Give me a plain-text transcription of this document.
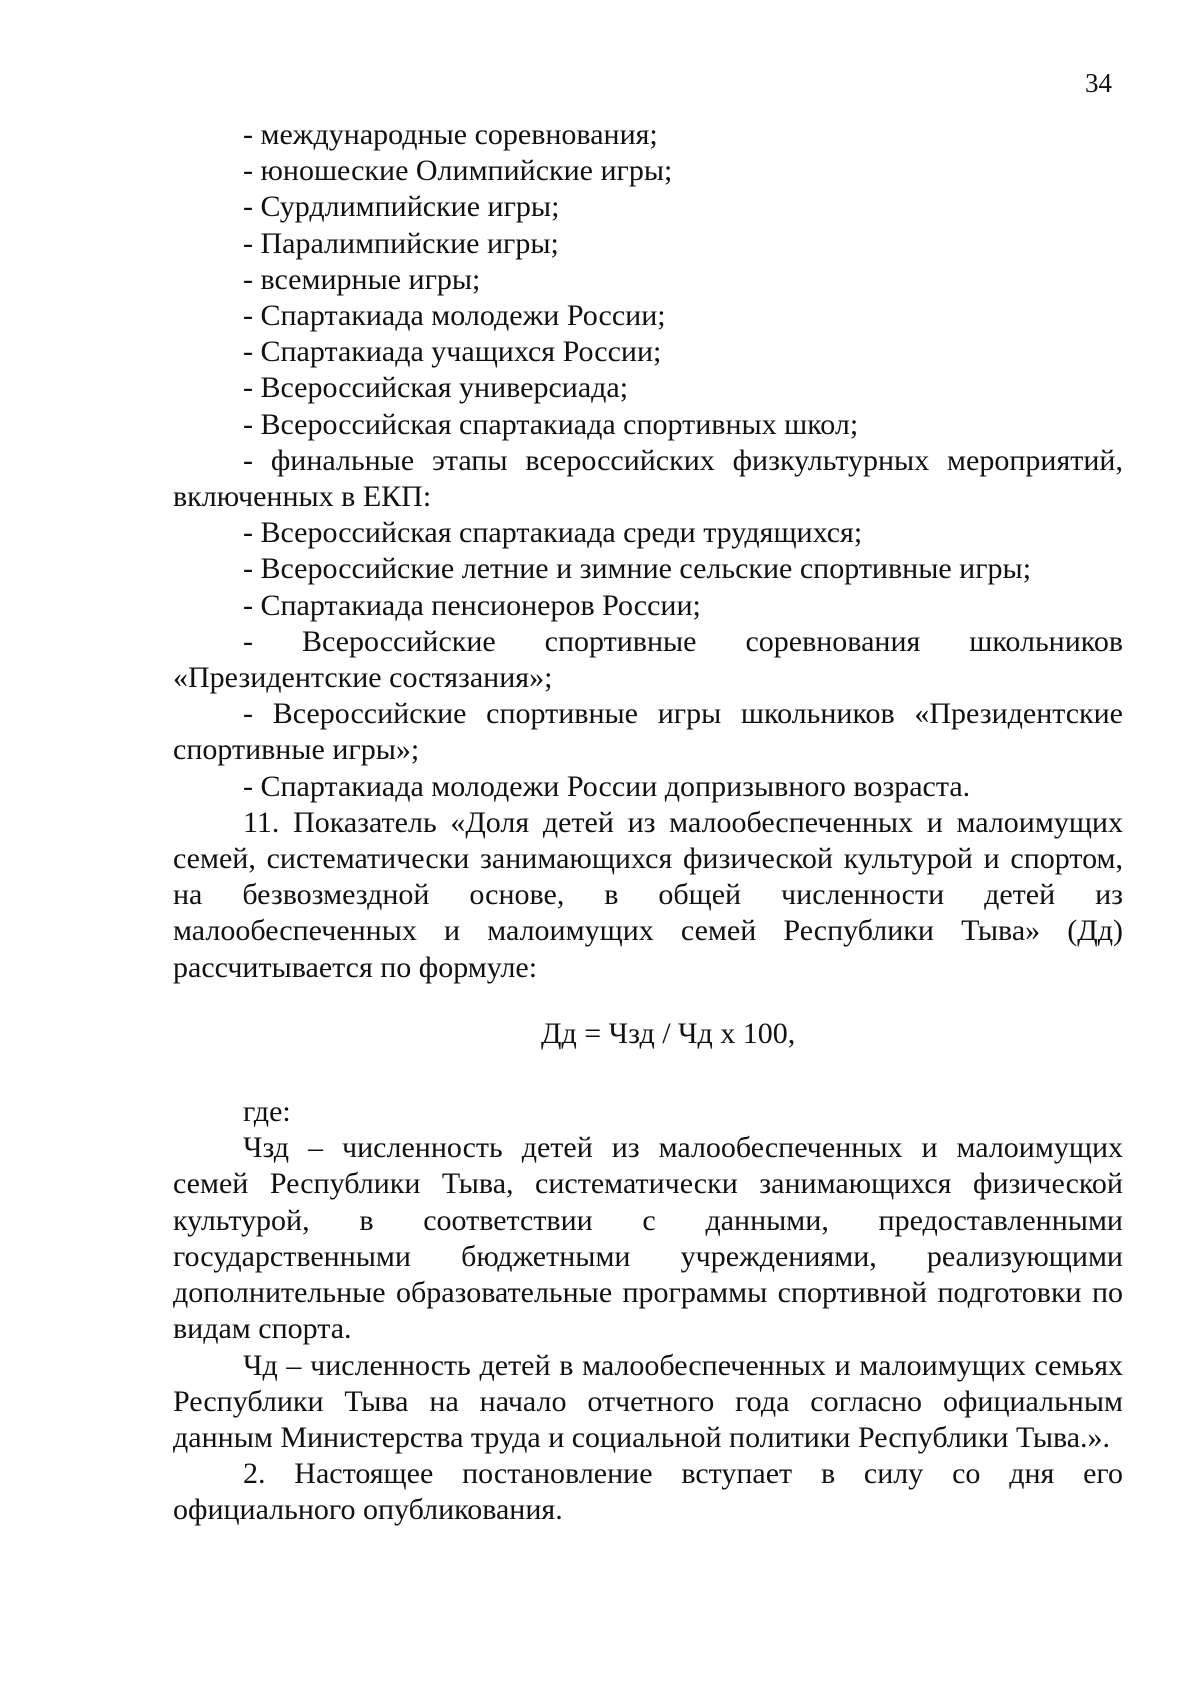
34

- международные соревнования;

- юношеские Олимпийские игры;

- Сурдлимпийские игры;

- Паралимпийские игры;

- всемирные игры;

- Спартакиада молодежи России;

- Спартакиада учащихся России;

- Всероссийская универсиада;

- Всероссийская спартакиада спортивных школ;

- финальные этапы всероссийских физкультурных мероприятий, включенных в ЕКП:

- Всероссийская спартакиада среди трудящихся;

- Всероссийские летние и зимние сельские спортивные игры;

- Спартакиада пенсионеров России;

- Всероссийские спортивные соревнования школьников «Президентские состязания»;

- Всероссийские спортивные игры школьников «Президентские спортивные игры»;

- Спартакиада молодежи России допризывного возраста.

11. Показатель «Доля детей из малообеспеченных и малоимущих семей, систематически занимающихся физической культурой и спортом, на безвозмездной основе, в общей численности детей из малообеспеченных и малоимущих семей Республики Тыва» (Дд) рассчитывается по формуле:

Дд = Чзд / Чд х 100,

где:

Чзд – численность детей из малообеспеченных и малоимущих семей Республики Тыва, систематически занимающихся физической культурой, в соответствии с данными, предоставленными государственными бюджетными учреждениями, реализующими дополнительные образовательные программы спортивной подготовки по видам спорта.

Чд – численность детей в малообеспеченных и малоимущих семьях Республики Тыва на начало отчетного года согласно официальным данным Министерства труда и социальной политики Республики Тыва.».

2. Настоящее постановление вступает в силу со дня его официального опубликования.
